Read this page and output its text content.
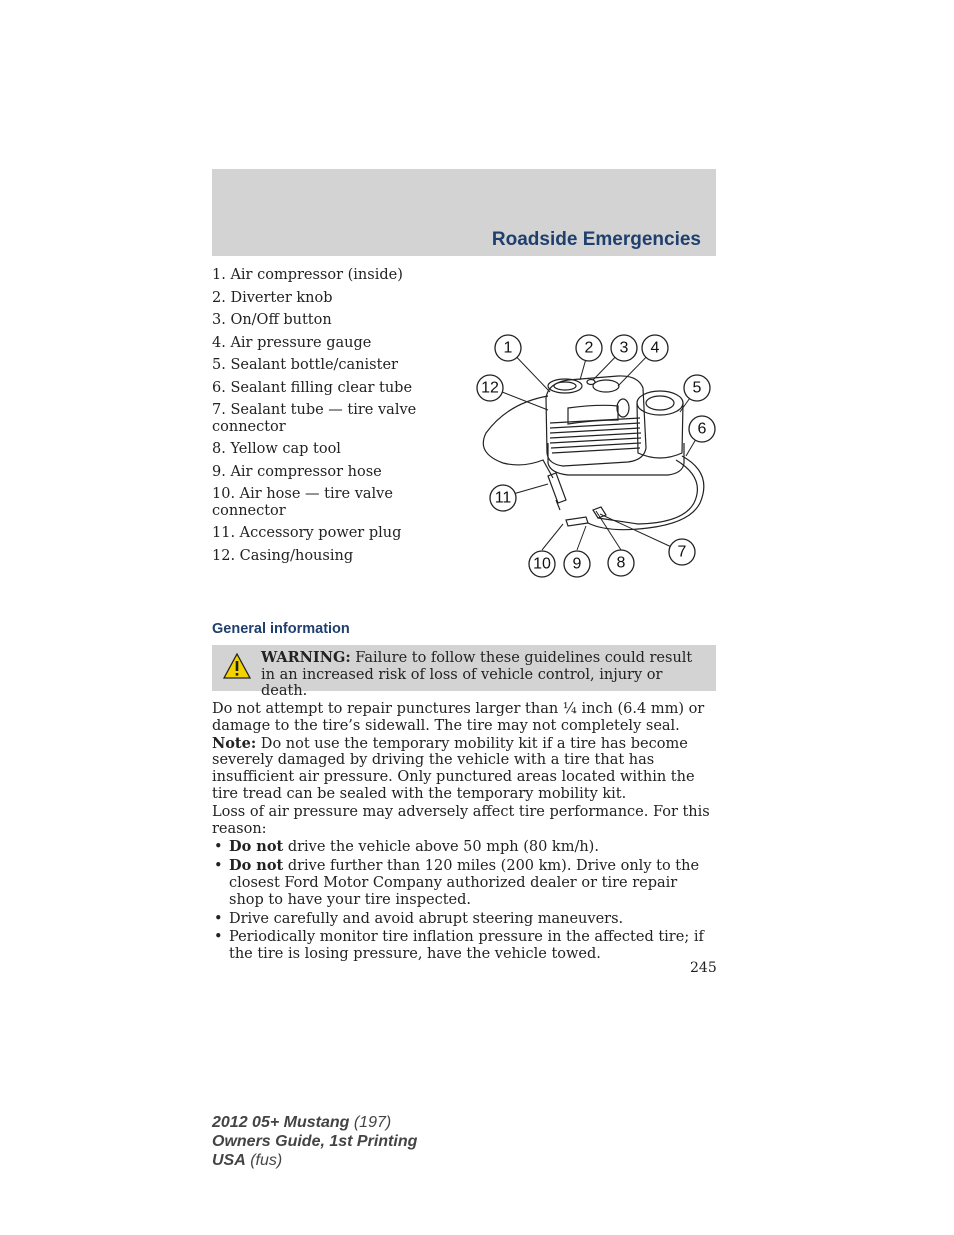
Roadside Emergencies
1. Air compressor (inside)
2. Diverter knob
3. On/Off button
4. Air pressure gauge
5. Sealant bottle/canister
6. Sealant filling clear tube
7. Sealant tube — tire valve connector
8. Yellow cap tool
9. Air compressor hose
10. Air hose — tire valve connector
11. Accessory power plug
12. Casing/housing
1	2 3 4
5
6
7
8
9
10
11
12
General information
WARNING: Failure to follow these guidelines could result in an increased risk of loss of vehicle control, injury or death.

Do not attempt to repair punctures larger than ¼ inch (6.4 mm) or damage to the tire’s sidewall. The tire may not completely seal.

Note: Do not use the temporary mobility kit if a tire has become severely damaged by driving the vehicle with a tire that has insufficient air pressure. Only punctured areas located within the tire tread can be sealed with the temporary mobility kit.

Loss of air pressure may adversely affect tire performance. For this reason:

• Do not drive the vehicle above 50 mph (80 km/h).
• Do not drive further than 120 miles (200 km). Drive only to the closest Ford Motor Company authorized dealer or tire repair shop to have your tire inspected.
• Drive carefully and avoid abrupt steering maneuvers.
• Periodically monitor tire inflation pressure in the affected tire; if the tire is losing pressure, have the vehicle towed.
245
2012 05+ Mustang (197)
Owners Guide, 1st Printing
USA (fus)
